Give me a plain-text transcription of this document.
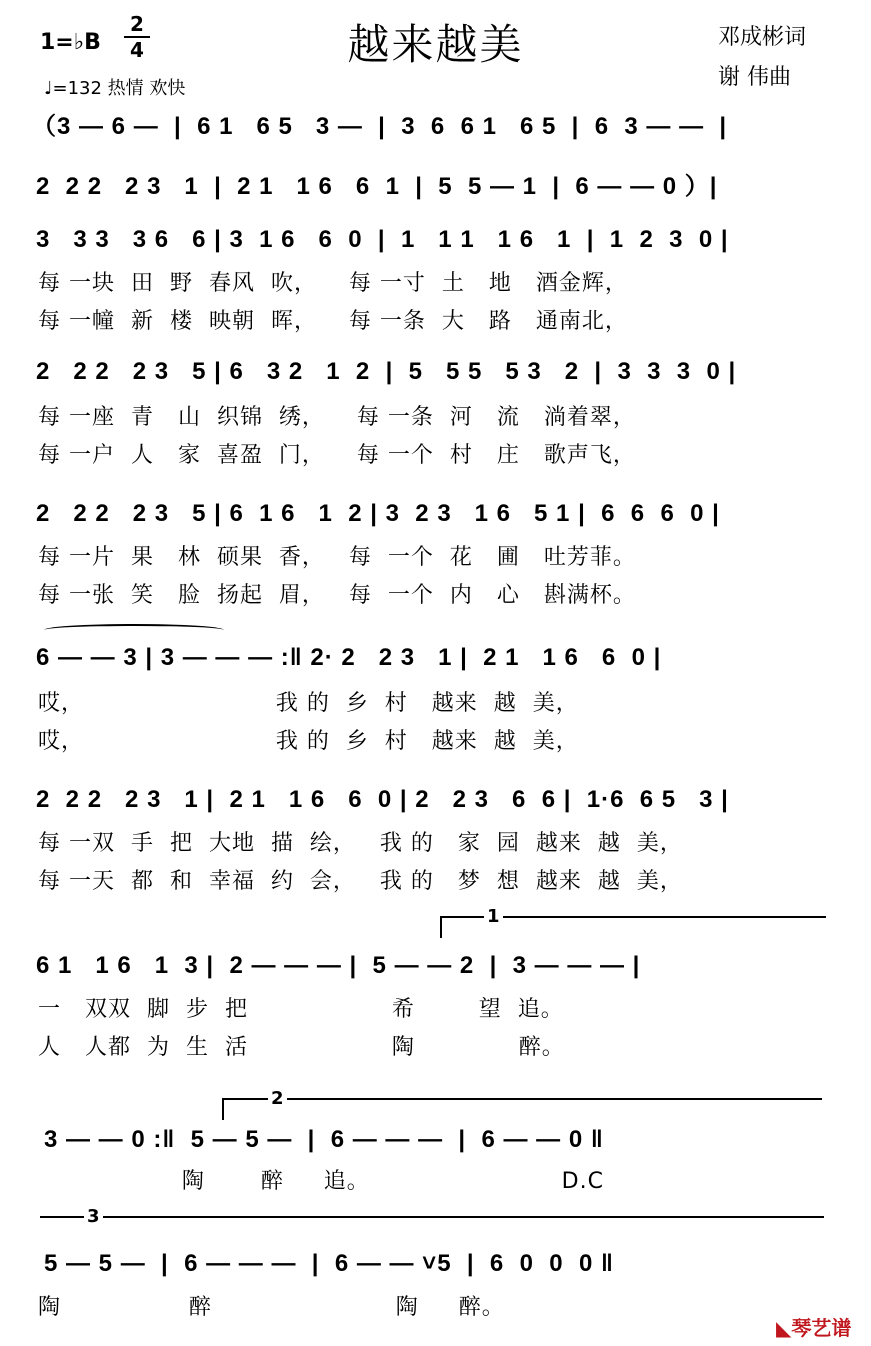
越来越美
1=♭B
2
4
♩=132 热情 欢快
邓成彬词
谢 伟曲
（3 — 6 —  |  6 1   6 5   3 —  |  3  6  6 1   6 5  |  6  3 — —  |
2  2 2   2 3   1  |  2 1   1 6   6  1  |  5  5 — 1  |  6 — — 0 ）|
3   3 3   3 6   6 | 3  1 6   6  0  |  1   1 1   1 6   1  |  1  2  3  0 |
每 一块  田  野  春风  吹，    每 一寸  土   地   酒金辉，
每 一幢  新  楼  映朝  晖，    每 一条  大   路   通南北，
2   2 2   2 3   5 | 6   3 2   1  2  |  5   5 5   5 3   2  |  3  3  3  0 |
每 一座  青   山  织锦  绣，    每 一条  河   流   淌着翠，
每 一户  人   家  喜盈  门，    每 一个  村   庄   歌声飞，
2   2 2   2 3   5 | 6  1 6   1  2 | 3  2 3   1 6   5 1 |  6  6  6  0 |
每 一片  果   林  硕果  香，   每  一个  花   圃   吐芳菲。
每 一张  笑   脸  扬起  眉，   每  一个  内   心   斟满杯。
6 — — 3 | 3 — — — :‖ 2· 2   2 3   1 |  2 1   1 6   6  0 |
哎，                        我 的  乡  村   越来  越  美，
哎，                        我 的  乡  村   越来  越  美，
2  2 2   2 3   1 |  2 1   1 6   6  0 | 2   2 3   6  6 |  1·6  6 5   3 |
每 一双  手  把  大地  描  绘，   我 的   家  园  越来  越  美，
每 一天  都  和  幸福  约  会，   我 的   梦  想  越来  越  美，
1
6 1   1 6   1  3 |  2 — — — |  5 — — 2  |  3 — — — |
一   双双  脚  步  把                  希        望  追。
人   人都  为  生  活                  陶             醉。
2
3 — — 0 :‖  5 — 5 —  |  6 — — —  |  6 — — 0 ‖
陶       醉     追。                        D.C
3
5 — 5 —  |  6 — — —  |  6 — — ˅5  |  6  0  0  0 ‖
陶                醉                       陶     醉。
◣琴艺谱
